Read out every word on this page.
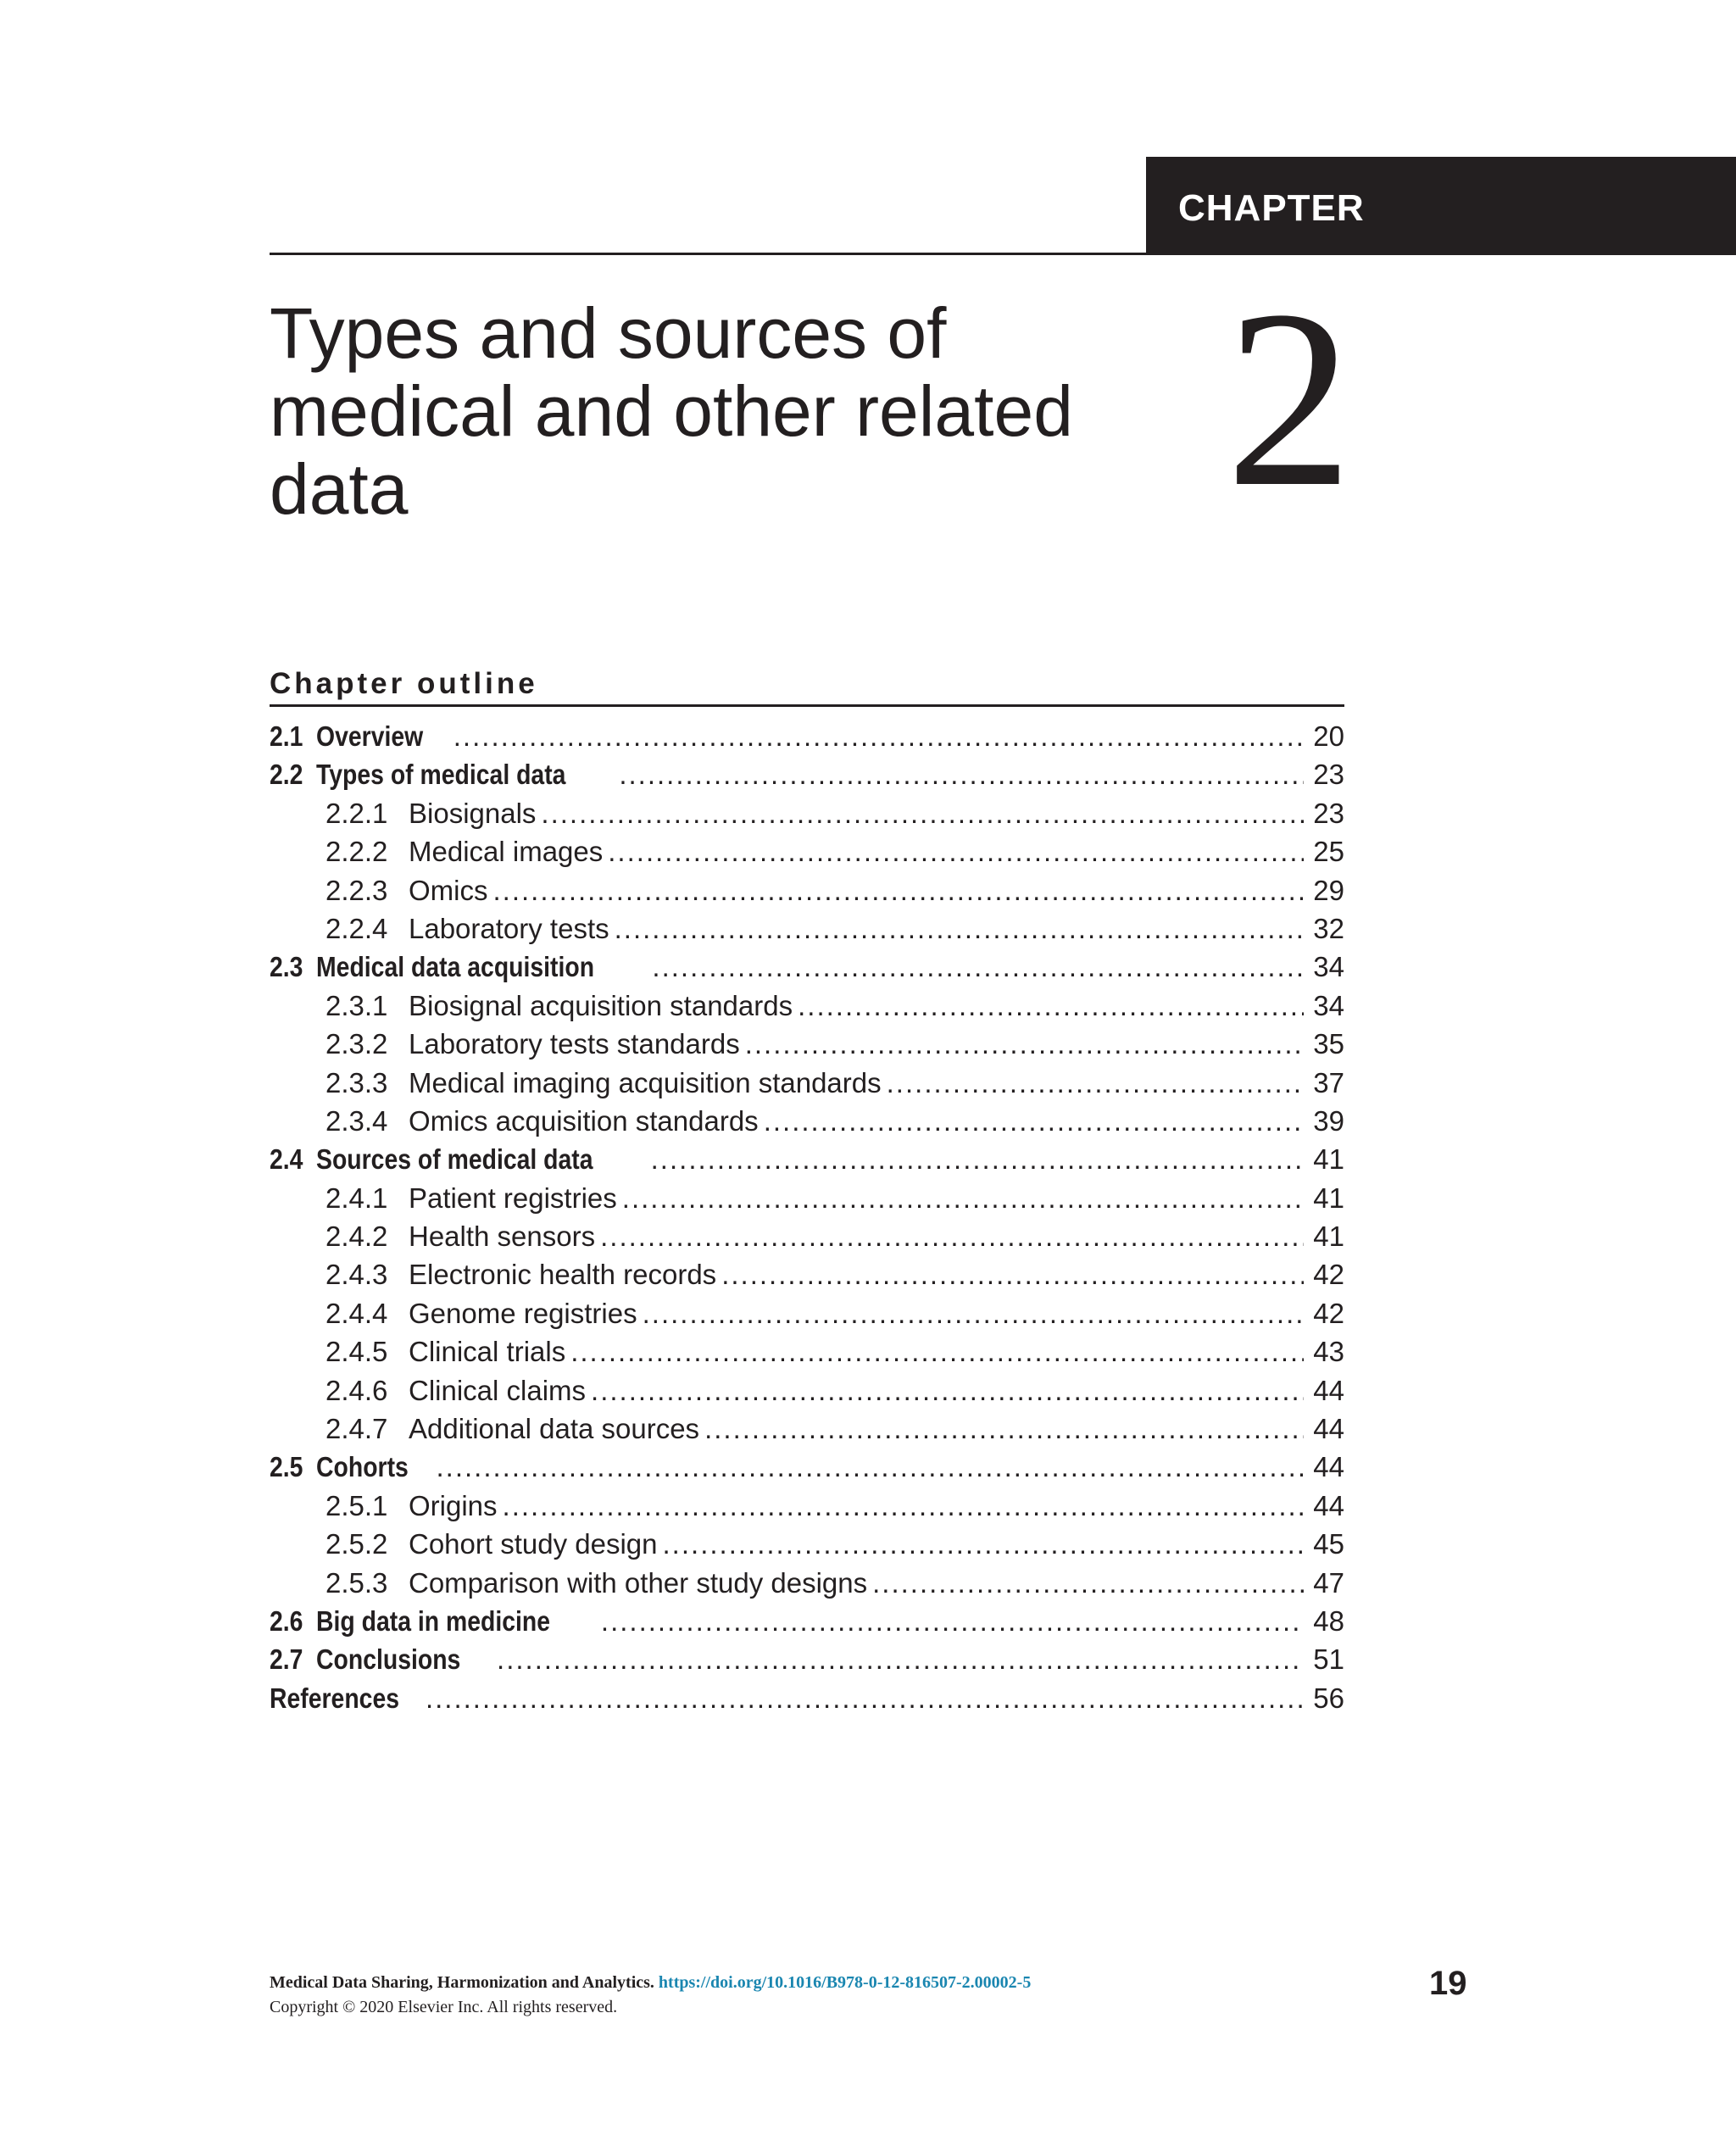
CHAPTER
Types and sources of
medical and other related
data	2
Chapter outline
2.1 Overview .....	20
2.2 Types of medical data .....	23
2.2.1 Biosignals .....	23
2.2.2 Medical images .....	25
2.2.3 Omics .....	29
2.2.4 Laboratory tests .....	32
2.3 Medical data acquisition .....	34
2.3.1 Biosignal acquisition standards .....	34
2.3.2 Laboratory tests standards .....	35
2.3.3 Medical imaging acquisition standards .....	37
2.3.4 Omics acquisition standards .....	39
2.4 Sources of medical data .....	41
2.4.1 Patient registries .....	41
2.4.2 Health sensors .....	41
2.4.3 Electronic health records .....	42
2.4.4 Genome registries .....	42
2.4.5 Clinical trials .....	43
2.4.6 Clinical claims .....	44
2.4.7 Additional data sources .....	44
2.5 Cohorts .....	44
2.5.1 Origins .....	44
2.5.2 Cohort study design .....	45
2.5.3 Comparison with other study designs .....	47
2.6 Big data in medicine .....	48
2.7 Conclusions .....	51
References .....	56
Medical Data Sharing, Harmonization and Analytics. https://doi.org/10.1016/B978-0-12-816507-2.00002-5
Copyright © 2020 Elsevier Inc. All rights reserved.
19
